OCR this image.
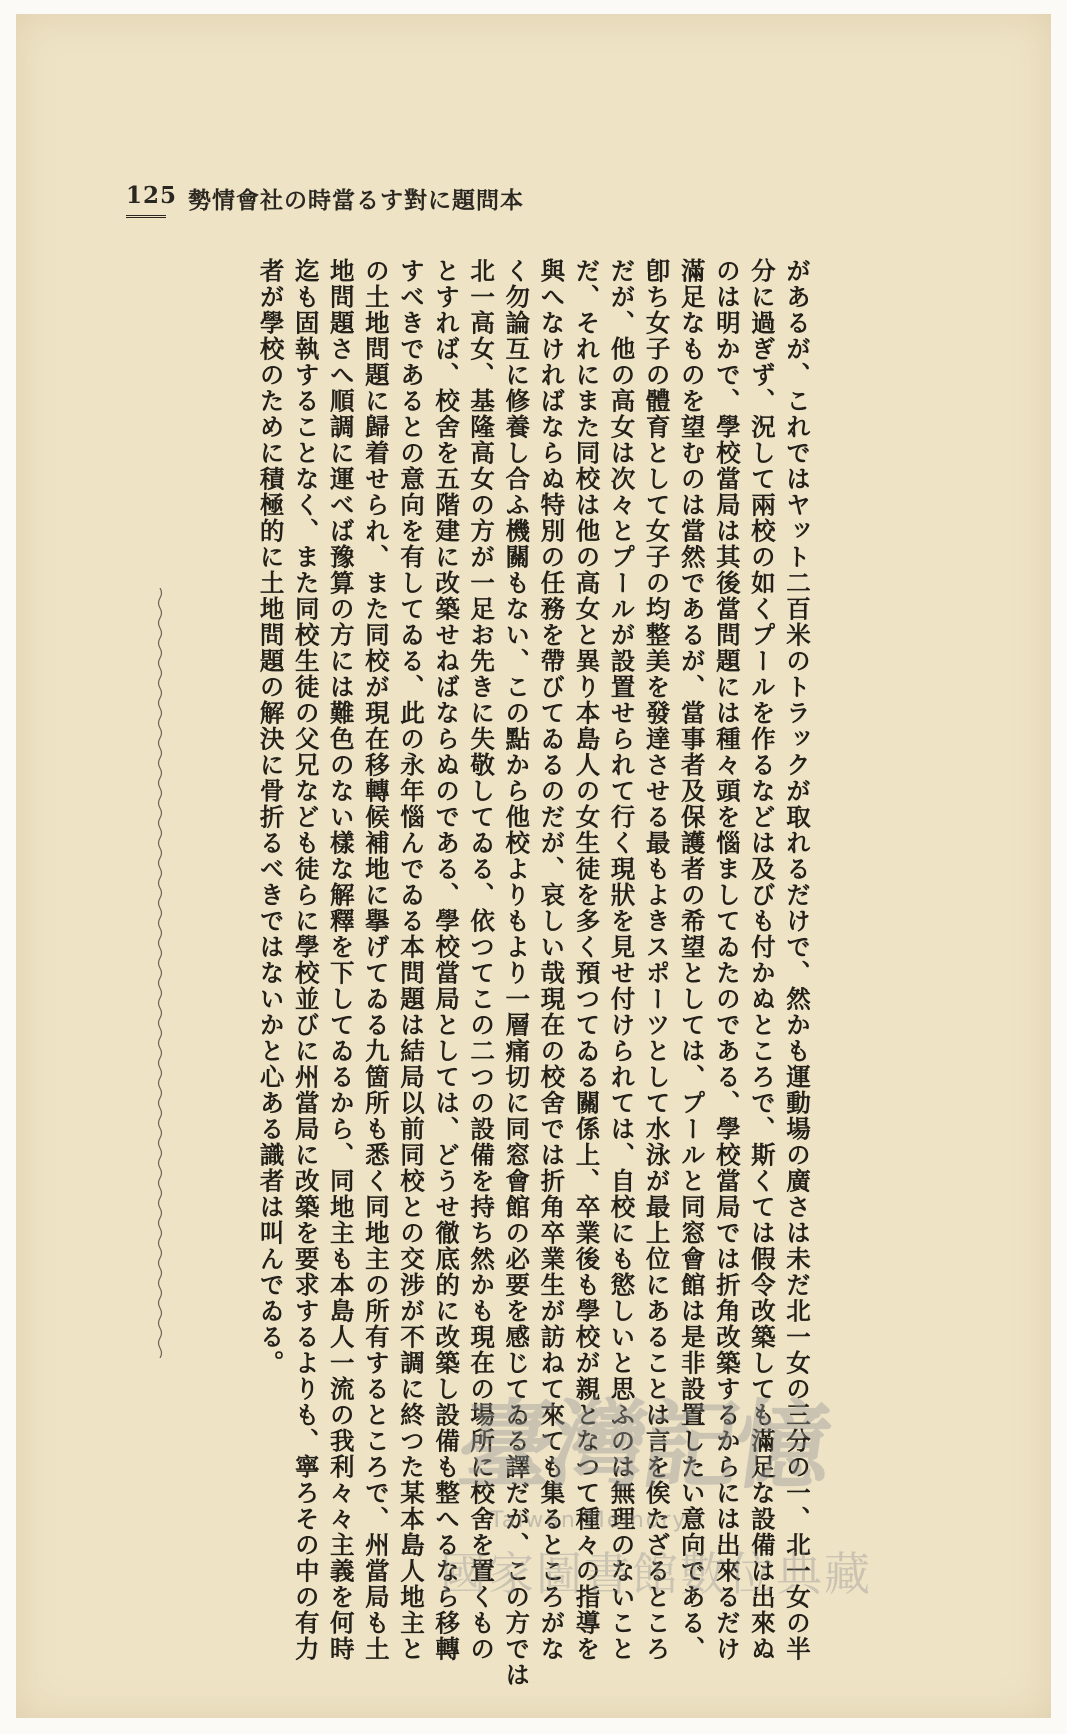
125 勢情會社の時當るす對に題問本
があるが、これではヤット二百米のトラックが取れるだけで、然かも運動場の廣さは未だ北一女の三分の一、北一女の半
分に過ぎず、況して兩校の如くプールを作るなどは及びも付かぬところで、斯くては假令改築しても滿足な設備は出來ぬ
のは明かで、學校當局は其後當問題には種々頭を惱ましてゐたのである、學校當局では折角改築するからには出來るだけ
滿足なものを望むのは當然であるが、當事者及保護者の希望としては、プールと同窓會館は是非設置したい意向である、
卽ち女子の體育として女子の均整美を發達させる最もよきスポーツとして水泳が最上位にあることは言を俟たざるところ
だが、他の高女は次々とプールが設置せられて行く現狀を見せ付けられては、自校にも慾しいと思ふのは無理のないこと
だ、それにまた同校は他の高女と異り本島人の女生徒を多く預つてゐる關係上、卒業後も學校が親となつて種々の指導を
與へなければならぬ特別の任務を帶びてゐるのだが、哀しい哉現在の校舍では折角卒業生が訪ねて來ても集るところがな
く勿論互に修養し合ふ機關もない、この點から他校よりもより一層痛切に同窓會館の必要を感じてゐる譯だが、この方では
北一高女、基隆高女の方が一足お先きに失敬してゐる、依つてこの二つの設備を持ち然かも現在の場所に校舍を置くもの
とすれば、校舍を五階建に改築せねばならぬのである、學校當局としては、どうせ徹底的に改築し設備も整へるなら移轉
すべきであるとの意向を有してゐる、此の永年惱んでゐる本問題は結局以前同校との交涉が不調に終つた某本島人地主と
の土地問題に歸着せられ、また同校が現在移轉候補地に擧げてゐる九箇所も悉く同地主の所有するところで、州當局も土
地問題さへ順調に運べば豫算の方には難色のない樣な解釋を下してゐるから、同地主も本島人一流の我利々々主義を何時
迄も固執することなく、また同校生徒の父兄なども徒らに學校並びに州當局に改築を要求するよりも、寧ろその中の有力
者が學校のために積極的に土地問題の解決に骨折るべきではないかと心ある識者は叫んでゐる。
臺灣記憶
Taiwan Memory
國家圖書館數位典藏
